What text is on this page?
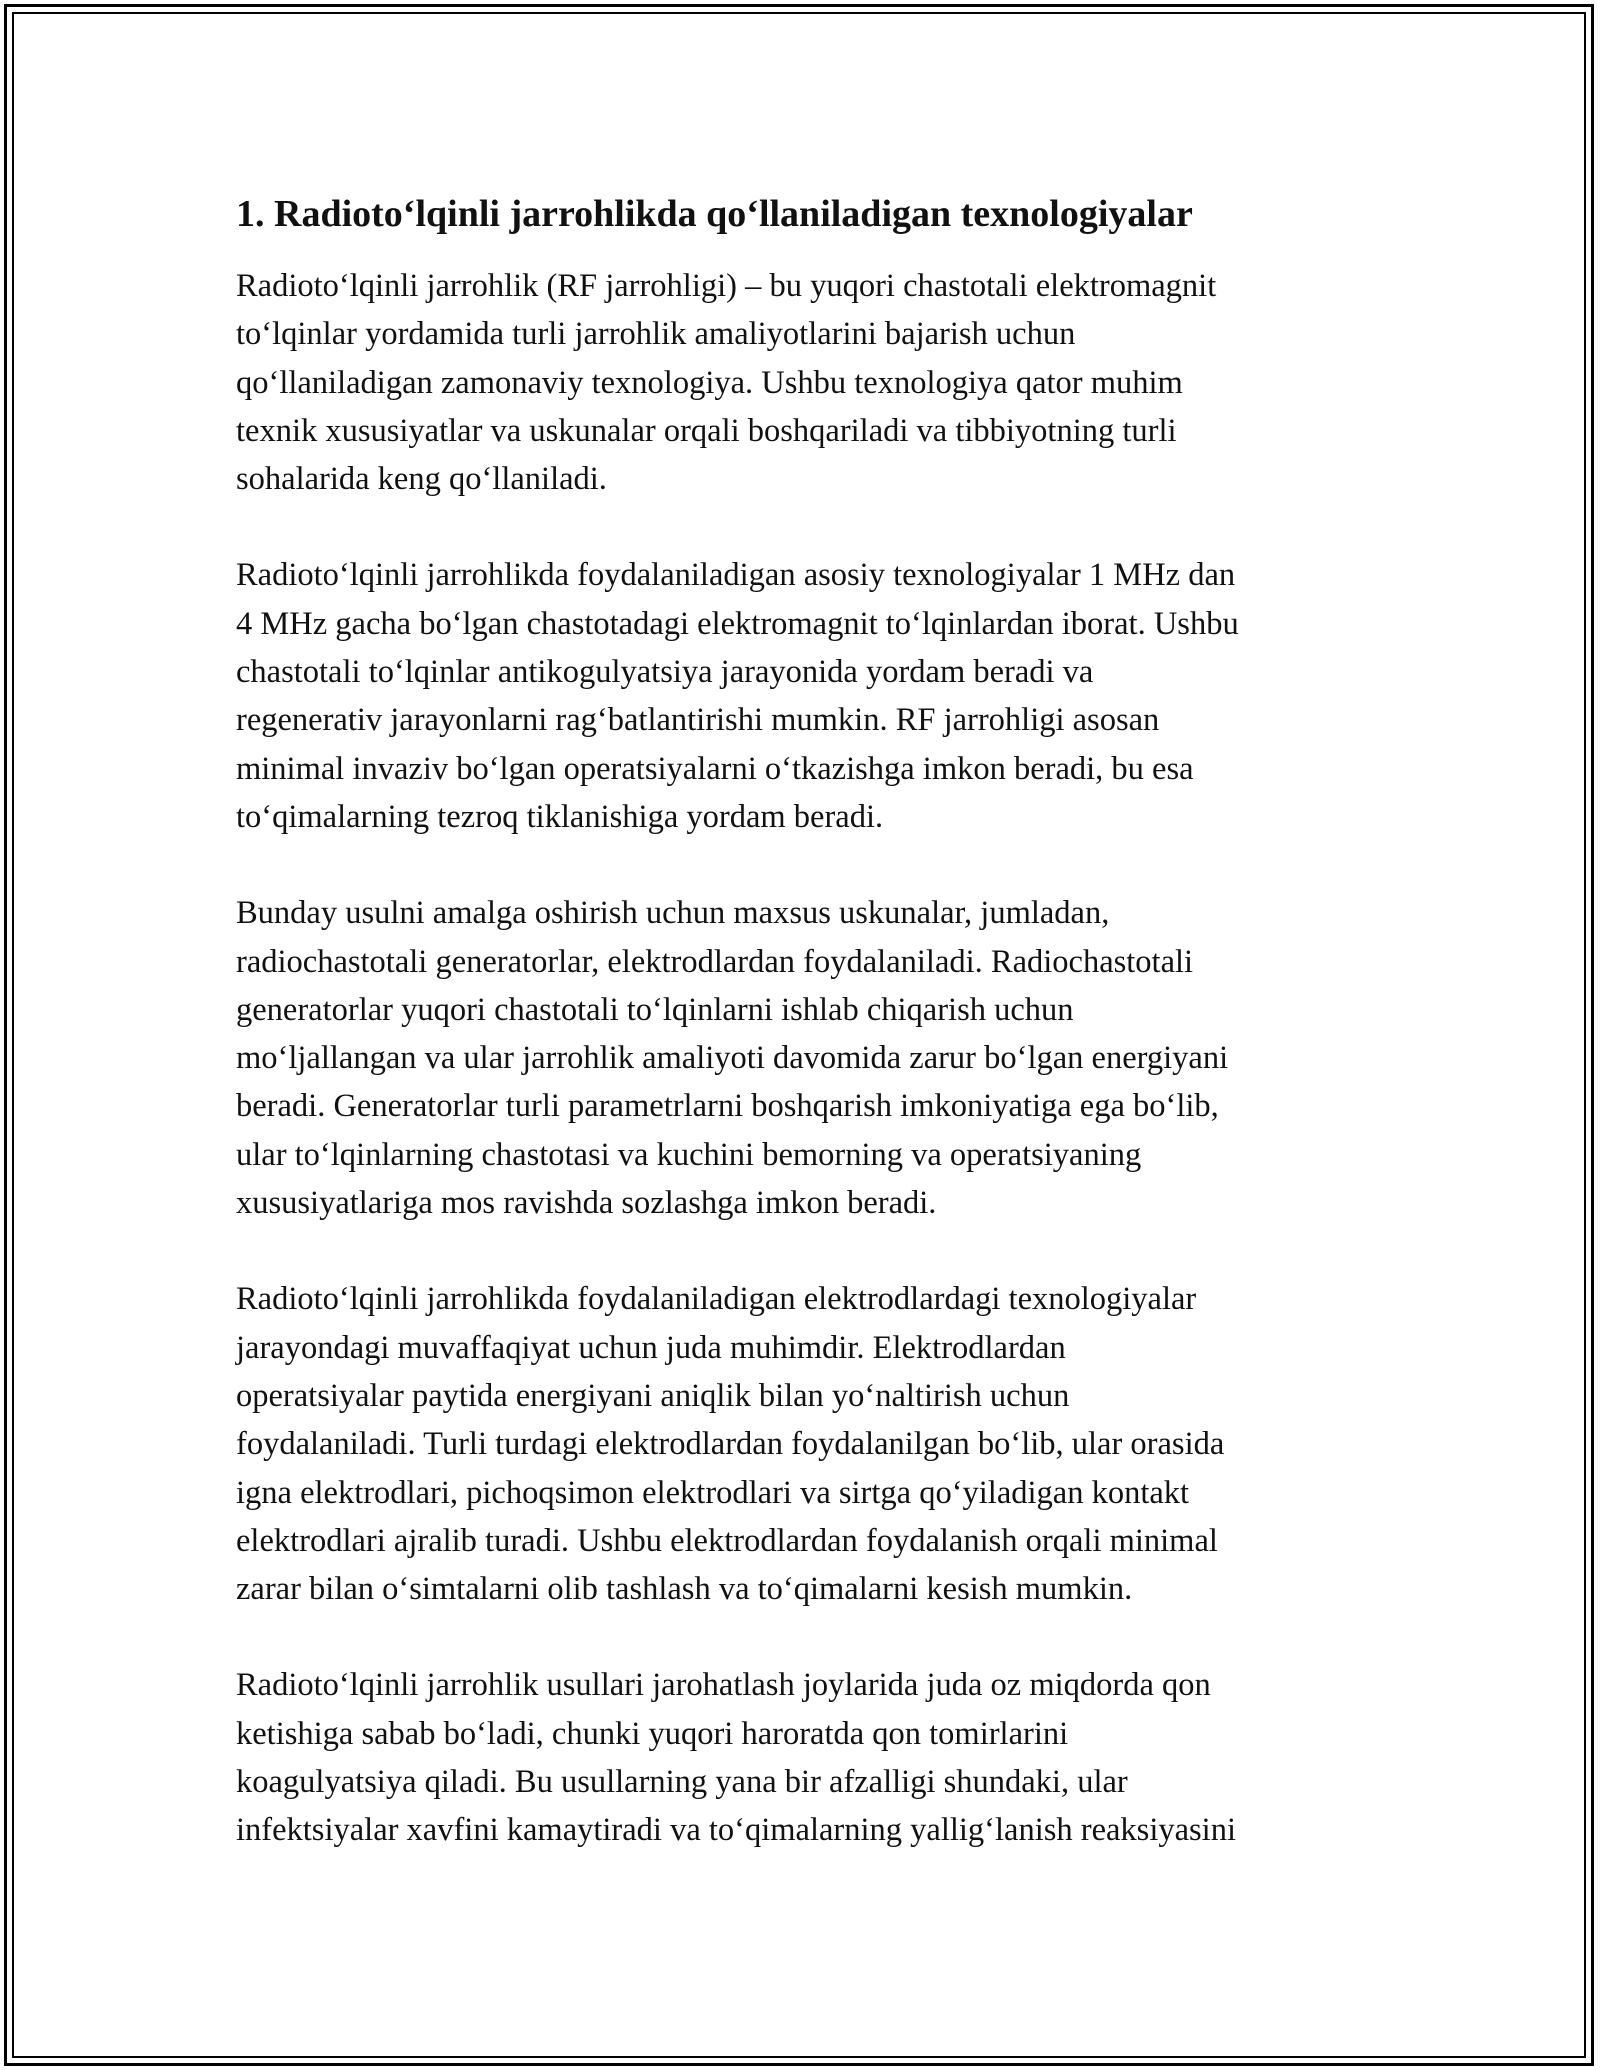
1. Radioto‘lqinli jarrohlikda qo‘llaniladigan texnologiyalar

Radioto‘lqinli jarrohlik (RF jarrohligi) – bu yuqori chastotali elektromagnit
to‘lqinlar yordamida turli jarrohlik amaliyotlarini bajarish uchun
qo‘llaniladigan zamonaviy texnologiya. Ushbu texnologiya qator muhim
texnik xususiyatlar va uskunalar orqali boshqariladi va tibbiyotning turli
sohalarida keng qo‘llaniladi.

Radioto‘lqinli jarrohlikda foydalaniladigan asosiy texnologiyalar 1 MHz dan
4 MHz gacha bo‘lgan chastotadagi elektromagnit to‘lqinlardan iborat. Ushbu
chastotali to‘lqinlar antikogulyatsiya jarayonida yordam beradi va
regenerativ jarayonlarni rag‘batlantirishi mumkin. RF jarrohligi asosan
minimal invaziv bo‘lgan operatsiyalarni o‘tkazishga imkon beradi, bu esa
to‘qimalarning tezroq tiklanishiga yordam beradi.

Bunday usulni amalga oshirish uchun maxsus uskunalar, jumladan,
radiochastotali generatorlar, elektrodlardan foydalaniladi. Radiochastotali
generatorlar yuqori chastotali to‘lqinlarni ishlab chiqarish uchun
mo‘ljallangan va ular jarrohlik amaliyoti davomida zarur bo‘lgan energiyani
beradi. Generatorlar turli parametrlarni boshqarish imkoniyatiga ega bo‘lib,
ular to‘lqinlarning chastotasi va kuchini bemorning va operatsiyaning
xususiyatlariga mos ravishda sozlashga imkon beradi.

Radioto‘lqinli jarrohlikda foydalaniladigan elektrodlardagi texnologiyalar
jarayondagi muvaffaqiyat uchun juda muhimdir. Elektrodlardan
operatsiyalar paytida energiyani aniqlik bilan yo‘naltirish uchun
foydalaniladi. Turli turdagi elektrodlardan foydalanilgan bo‘lib, ular orasida
igna elektrodlari, pichoqsimon elektrodlari va sirtga qo‘yiladigan kontakt
elektrodlari ajralib turadi. Ushbu elektrodlardan foydalanish orqali minimal
zarar bilan o‘simtalarni olib tashlash va to‘qimalarni kesish mumkin.

Radioto‘lqinli jarrohlik usullari jarohatlash joylarida juda oz miqdorda qon
ketishiga sabab bo‘ladi, chunki yuqori haroratda qon tomirlarini
koagulyatsiya qiladi. Bu usullarning yana bir afzalligi shundaki, ular
infektsiyalar xavfini kamaytiradi va to‘qimalarning yallig‘lanish reaksiyasini
